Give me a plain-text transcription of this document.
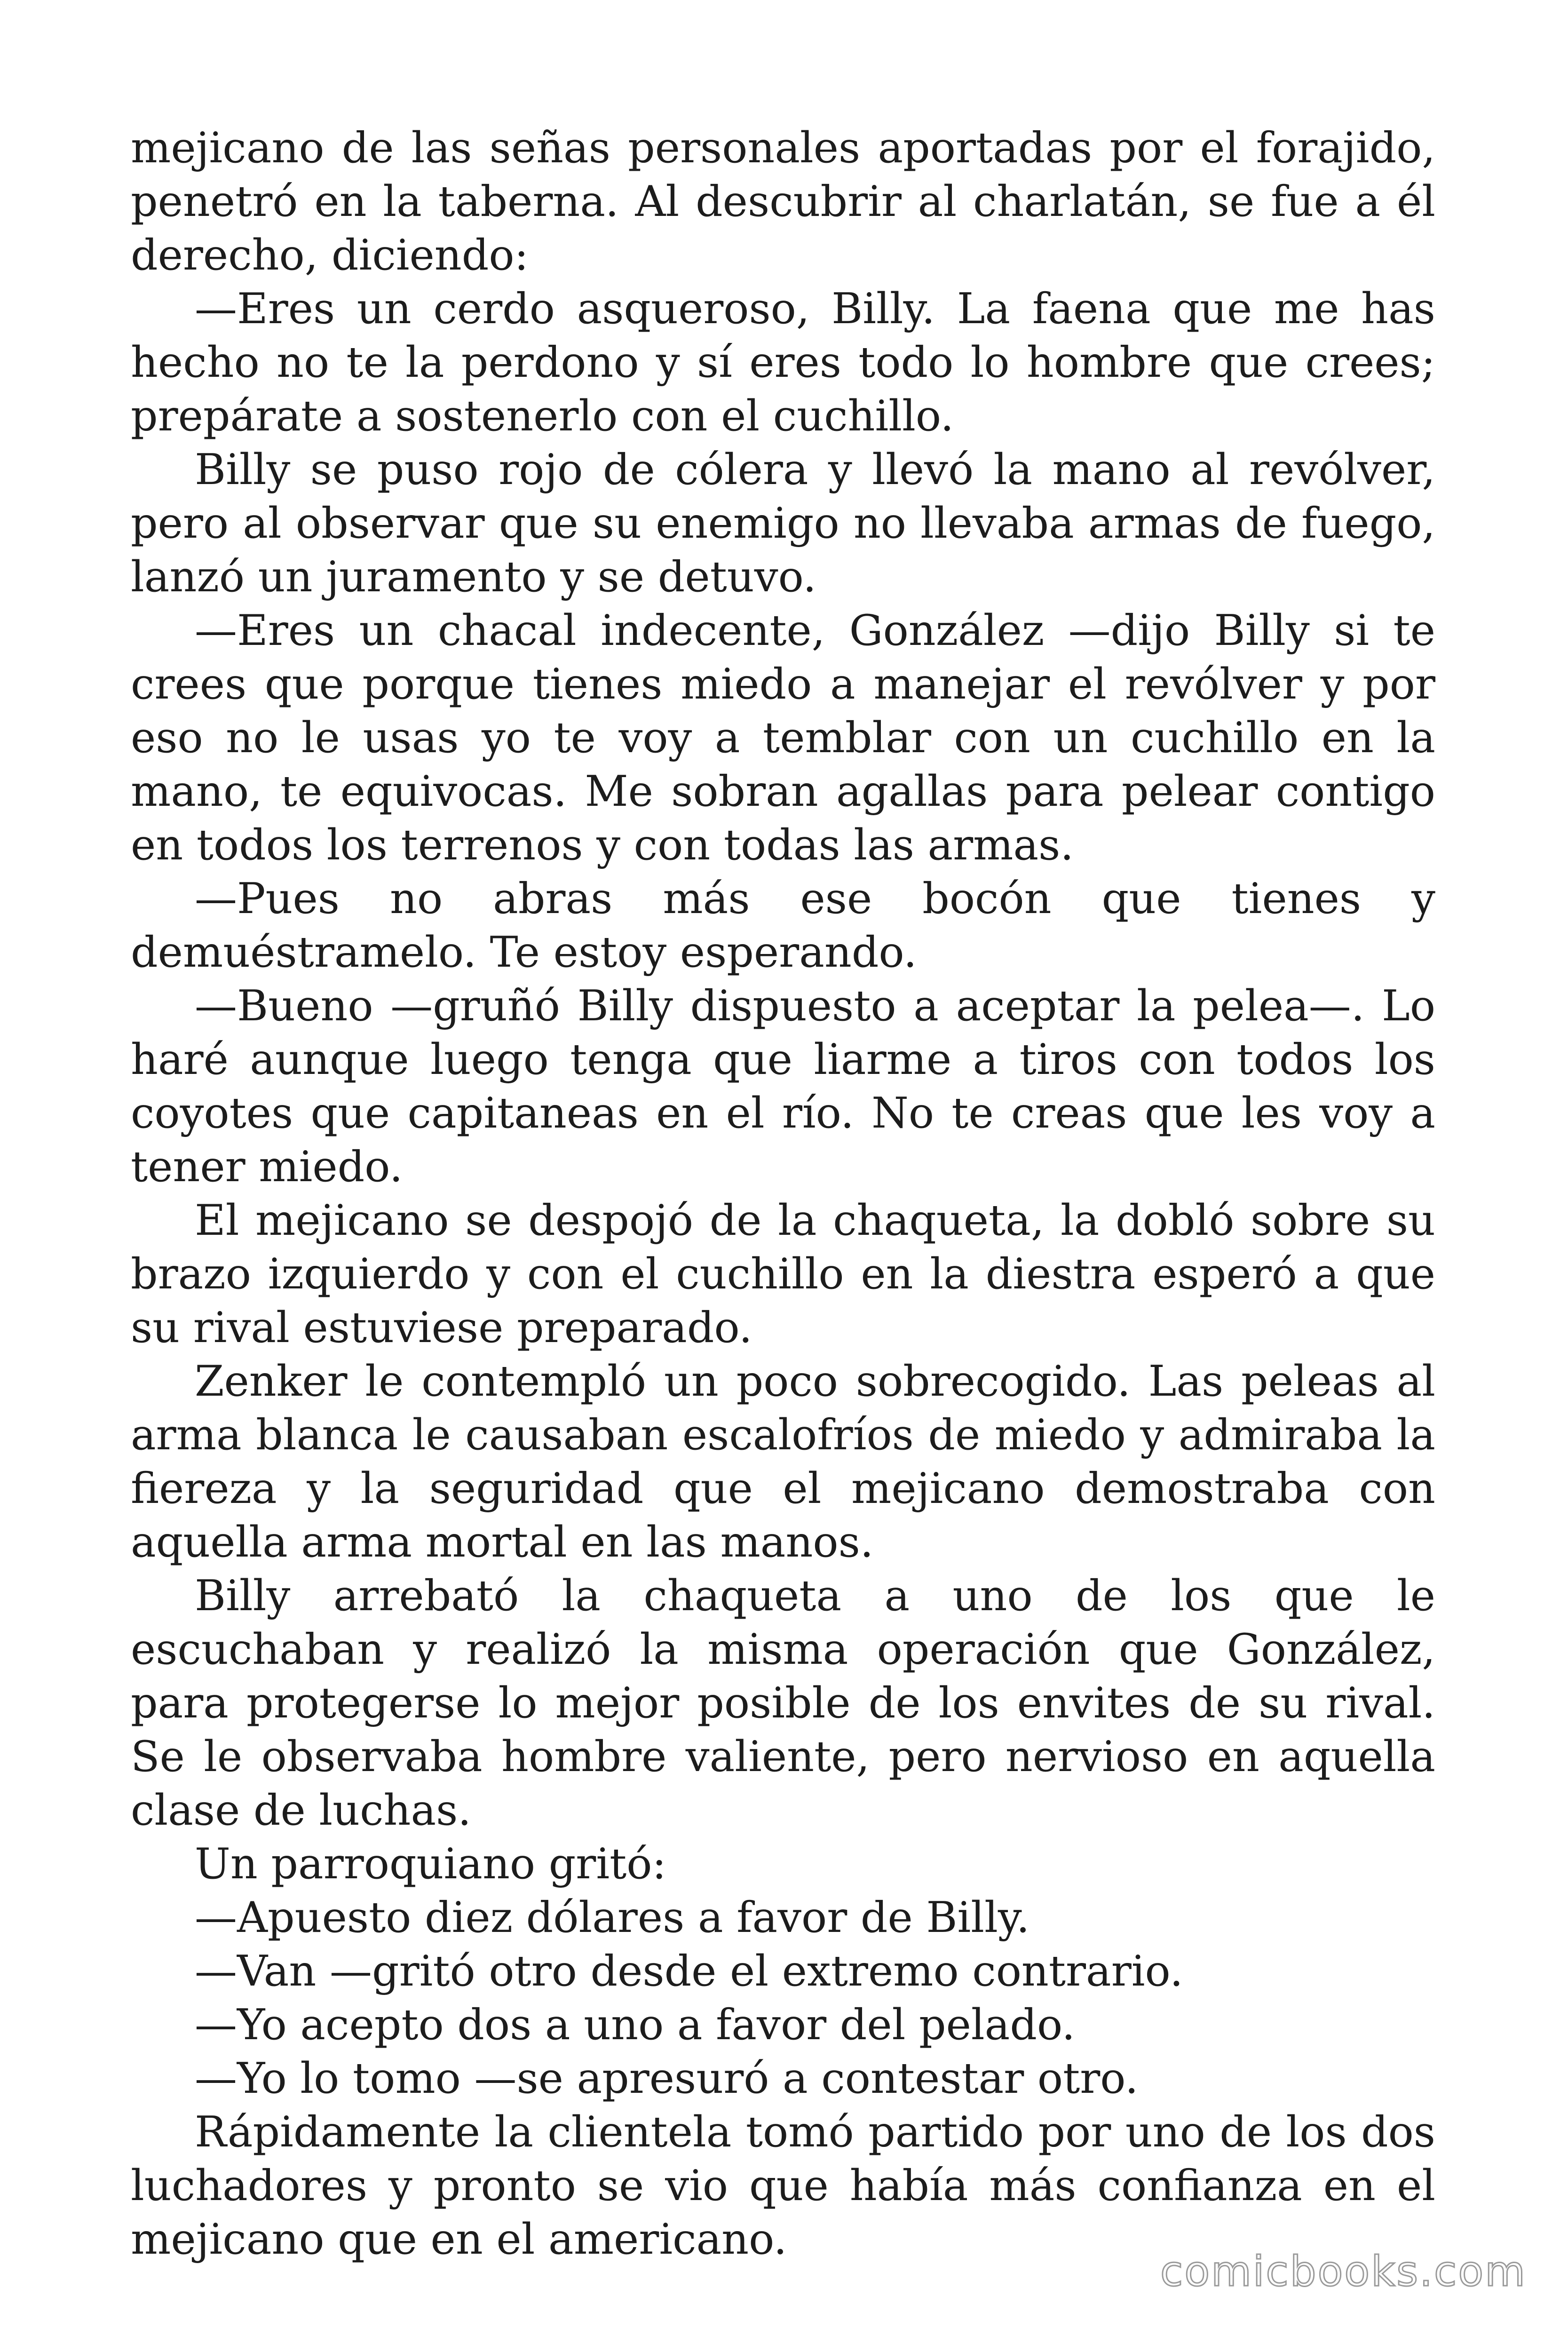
mejicano de las señas personales aportadas por el forajido, penetró en la taberna. Al descubrir al charlatán, se fue a él derecho, diciendo:

—Eres un cerdo asqueroso, Billy. La faena que me has hecho no te la perdono y sí eres todo lo hombre que crees; prepárate a sostenerlo con el cuchillo.

Billy se puso rojo de cólera y llevó la mano al revólver, pero al observar que su enemigo no llevaba armas de fuego, lanzó un juramento y se detuvo.

—Eres un chacal indecente, González —dijo Billy si te crees que porque tienes miedo a manejar el revólver y por eso no le usas yo te voy a temblar con un cuchillo en la mano, te equivocas. Me sobran agallas para pelear contigo en todos los terrenos y con todas las armas.

—Pues no abras más ese bocón que tienes y demuéstramelo. Te estoy esperando.

—Bueno —gruñó Billy dispuesto a aceptar la pelea—. Lo haré aunque luego tenga que liarme a tiros con todos los coyotes que capitaneas en el río. No te creas que les voy a tener miedo.

El mejicano se despojó de la chaqueta, la dobló sobre su brazo izquierdo y con el cuchillo en la diestra esperó a que su rival estuviese preparado.

Zenker le contempló un poco sobrecogido. Las peleas al arma blanca le causaban escalofríos de miedo y admiraba la fiereza y la seguridad que el mejicano demostraba con aquella arma mortal en las manos.

Billy arrebató la chaqueta a uno de los que le escuchaban y realizó la misma operación que González, para protegerse lo mejor posible de los envites de su rival. Se le observaba hombre valiente, pero nervioso en aquella clase de luchas.

Un parroquiano gritó:

—Apuesto diez dólares a favor de Billy.

—Van —gritó otro desde el extremo contrario.

—Yo acepto dos a uno a favor del pelado.

—Yo lo tomo —se apresuró a contestar otro.

Rápidamente la clientela tomó partido por uno de los dos luchadores y pronto se vio que había más confianza en el mejicano que en el americano.

comicbooks.com
